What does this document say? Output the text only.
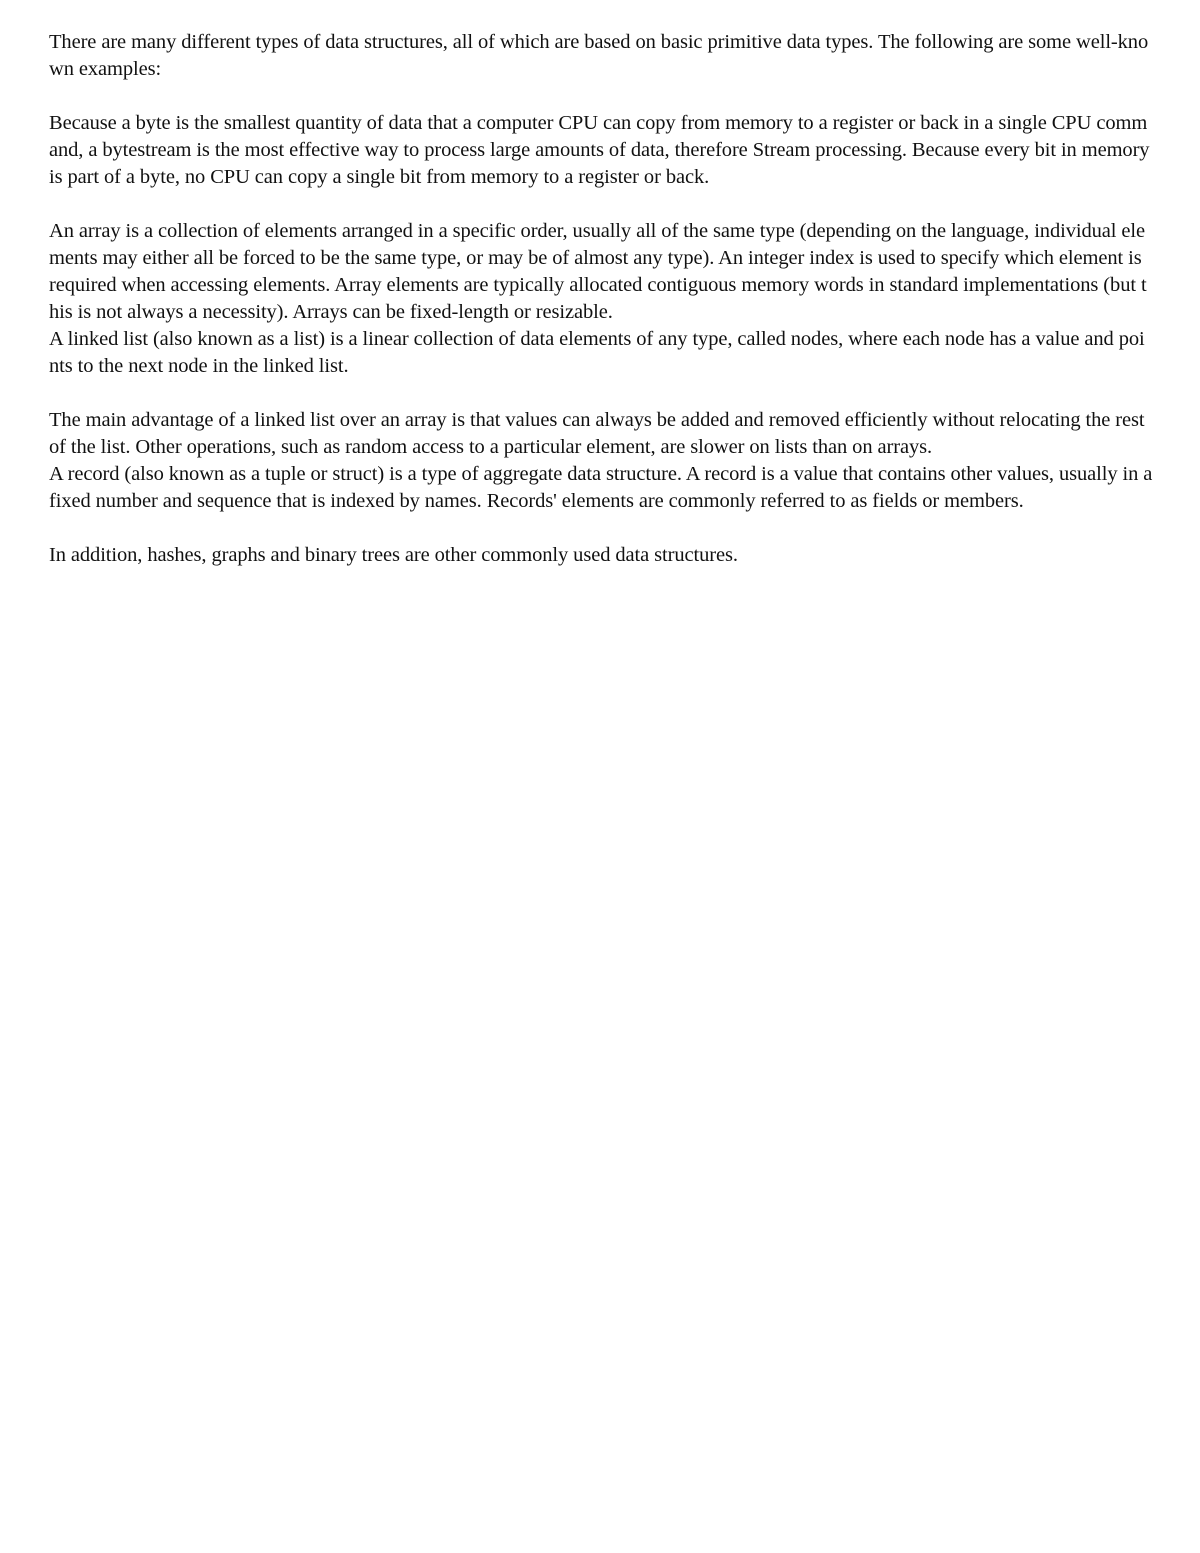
There are many different types of data structures, all of which are based on basic primitive data types. The following are some well-known examples:

Because a byte is the smallest quantity of data that a computer CPU can copy from memory to a register or back in a single CPU command, a bytestream is the most effective way to process large amounts of data, therefore Stream processing. Because every bit in memory is part of a byte, no CPU can copy a single bit from memory to a register or back.

An array is a collection of elements arranged in a specific order, usually all of the same type (depending on the language, individual elements may either all be forced to be the same type, or may be of almost any type). An integer index is used to specify which element is required when accessing elements. Array elements are typically allocated contiguous memory words in standard implementations (but this is not always a necessity). Arrays can be fixed-length or resizable.

A linked list (also known as a list) is a linear collection of data elements of any type, called nodes, where each node has a value and points to the next node in the linked list.

The main advantage of a linked list over an array is that values can always be added and removed efficiently without relocating the rest of the list. Other operations, such as random access to a particular element, are slower on lists than on arrays.

A record (also known as a tuple or struct) is a type of aggregate data structure. A record is a value that contains other values, usually in a fixed number and sequence that is indexed by names. Records' elements are commonly referred to as fields or members.

In addition, hashes, graphs and binary trees are other commonly used data structures.
